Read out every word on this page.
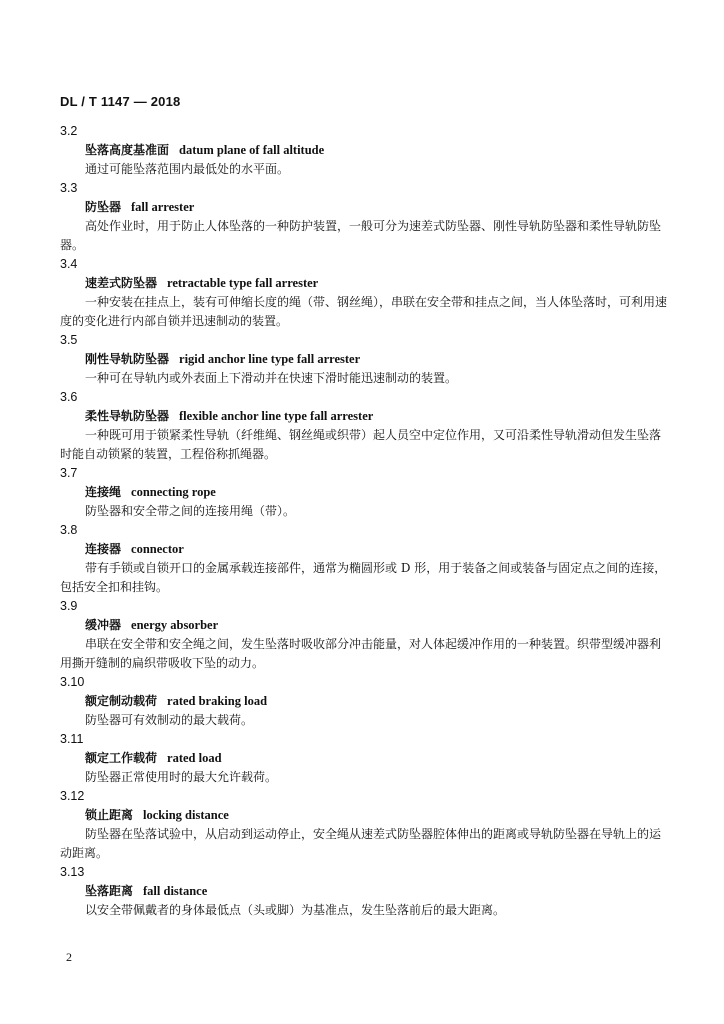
DL / T 1147 — 2018
3.2
坠落高度基准面 datum plane of fall altitude

通过可能坠落范围内最低处的水平面。

3.3
防坠器 fall arrester

高处作业时，用于防止人体坠落的一种防护装置，一般可分为速差式防坠器、刚性导轨防坠器和柔性导轨防坠器。

3.4
速差式防坠器 retractable type fall arrester

一种安装在挂点上，装有可伸缩长度的绳（带、钢丝绳），串联在安全带和挂点之间，当人体坠落时，可利用速度的变化进行内部自锁并迅速制动的装置。

3.5
刚性导轨防坠器 rigid anchor line type fall arrester

一种可在导轨内或外表面上下滑动并在快速下滑时能迅速制动的装置。

3.6
柔性导轨防坠器 flexible anchor line type fall arrester

一种既可用于锁紧柔性导轨（纤维绳、钢丝绳或织带）起人员空中定位作用，又可沿柔性导轨滑动但发生坠落时能自动锁紧的装置，工程俗称抓绳器。

3.7
连接绳 connecting rope

防坠器和安全带之间的连接用绳（带）。

3.8
连接器 connector

带有手锁或自锁开口的金属承载连接部件，通常为椭圆形或 D 形，用于装备之间或装备与固定点之间的连接，包括安全扣和挂钩。

3.9
缓冲器 energy absorber

串联在安全带和安全绳之间，发生坠落时吸收部分冲击能量，对人体起缓冲作用的一种装置。织带型缓冲器利用撕开缝制的扁织带吸收下坠的动力。

3.10
额定制动载荷 rated braking load

防坠器可有效制动的最大载荷。

3.11
额定工作载荷 rated load

防坠器正常使用时的最大允许载荷。

3.12
锁止距离 locking distance

防坠器在坠落试验中，从启动到运动停止，安全绳从速差式防坠器腔体伸出的距离或导轨防坠器在导轨上的运动距离。

3.13
坠落距离 fall distance

以安全带佩戴者的身体最低点（头或脚）为基准点，发生坠落前后的最大距离。

2
